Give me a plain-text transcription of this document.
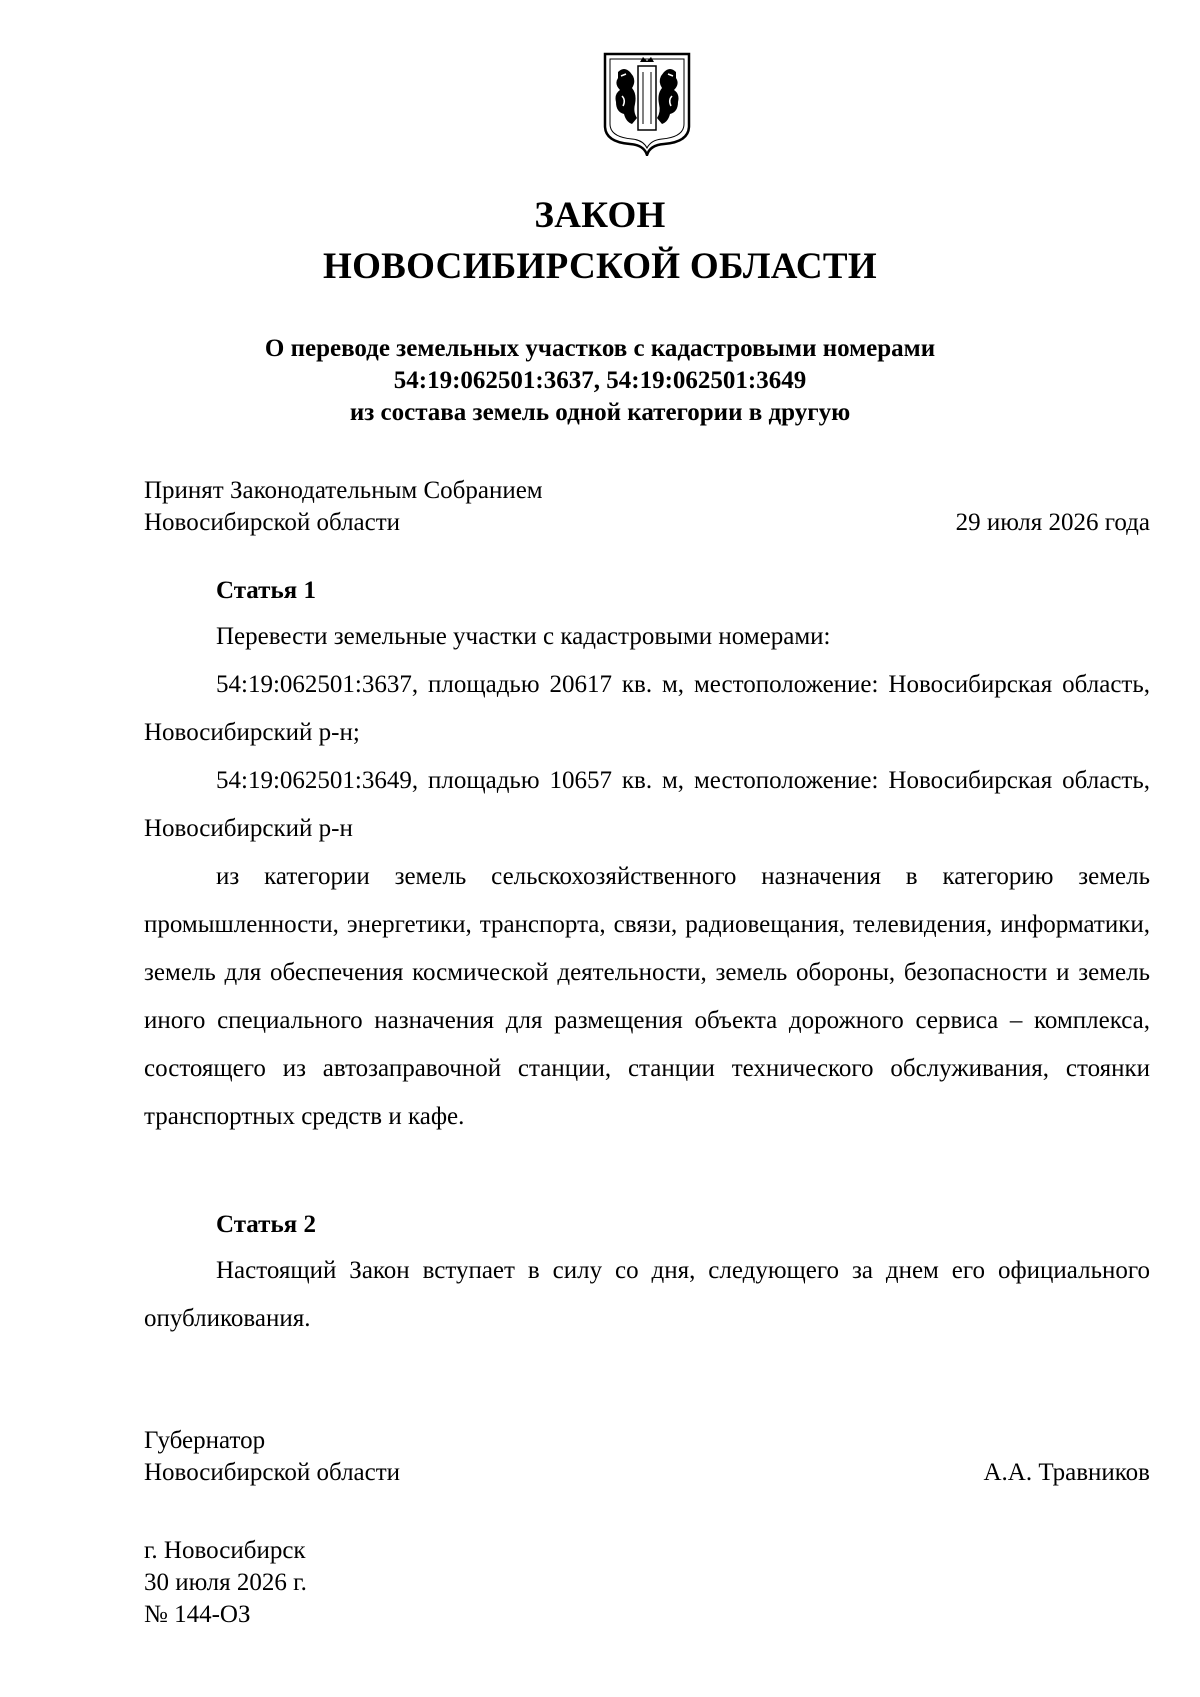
ЗАКОН
НОВОСИБИРСКОЙ ОБЛАСТИ
О переводе земельных участков с кадастровыми номерами
54:19:062501:3637, 54:19:062501:3649
из состава земель одной категории в другую
Принят Законодательным Собранием
Новосибирской области	29 июля 2026 года
Статья 1

Перевести земельные участки с кадастровыми номерами:

54:19:062501:3637, площадью 20617 кв. м, местоположение: Новосибирская область, Новосибирский р-н;

54:19:062501:3649, площадью 10657 кв. м, местоположение: Новосибирская область, Новосибирский р-н

из категории земель сельскохозяйственного назначения в категорию земель промышленности, энергетики, транспорта, связи, радиовещания, телевидения, информатики, земель для обеспечения космической деятельности, земель обороны, безопасности и земель иного специального назначения для размещения объекта дорожного сервиса – комплекса, состоящего из автозаправочной станции, станции технического обслуживания, стоянки транспортных средств и кафе.

Статья 2

Настоящий Закон вступает в силу со дня, следующего за днем его официального опубликования.

Губернатор
Новосибирской области	А.А. Травников
г. Новосибирск
30 июля 2026 г.
№ 144-ОЗ
